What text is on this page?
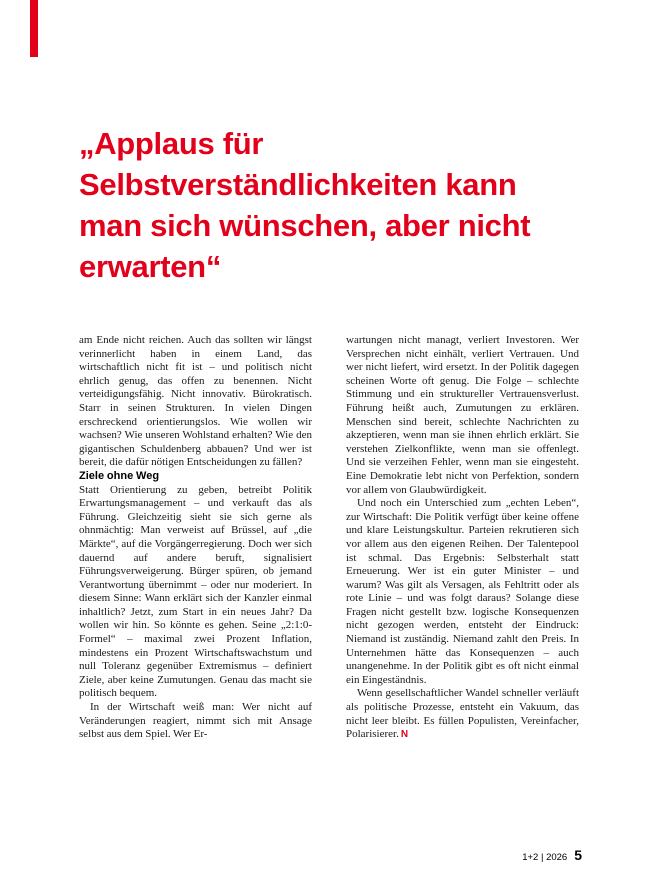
„Applaus für Selbstverständlichkeiten kann man sich wünschen, aber nicht erwarten“

am Ende nicht reichen. Auch das sollten wir längst verinnerlicht haben in einem Land, das wirtschaftlich nicht fit ist – und politisch nicht ehrlich genug, das offen zu benennen. Nicht verteidigungsfähig. Nicht innovativ. Bürokratisch. Starr in seinen Strukturen. In vielen Dingen erschreckend orientierungslos. Wie wollen wir wachsen? Wie unseren Wohlstand erhalten? Wie den gigantischen Schuldenberg abbauen? Und wer ist bereit, die dafür nötigen Entscheidungen zu fällen?

Ziele ohne Weg

Statt Orientierung zu geben, betreibt Politik Erwartungsmanagement – und verkauft das als Führung. Gleichzeitig sieht sie sich gerne als ohnmächtig: Man verweist auf Brüssel, auf „die Märkte“, auf die Vorgängerregierung. Doch wer sich dauernd auf andere beruft, signalisiert Führungsverweigerung. Bürger spüren, ob jemand Verantwortung übernimmt – oder nur moderiert. In diesem Sinne: Wann erklärt sich der Kanzler einmal inhaltlich? Jetzt, zum Start in ein neues Jahr? Da wollen wir hin. So könnte es gehen. Seine „2:1:0-Formel“ – maximal zwei Prozent Inflation, mindestens ein Prozent Wirtschaftswachstum und null Toleranz gegenüber Extremismus – definiert Ziele, aber keine Zumutungen. Genau das macht sie politisch bequem.

In der Wirtschaft weiß man: Wer nicht auf Veränderungen reagiert, nimmt sich mit Ansage selbst aus dem Spiel. Wer Er-

wartungen nicht managt, verliert Investoren. Wer Versprechen nicht einhält, verliert Vertrauen. Und wer nicht liefert, wird ersetzt. In der Politik dagegen scheinen Worte oft genug. Die Folge – schlechte Stimmung und ein struktureller Vertrauensverlust. Führung heißt auch, Zumutungen zu erklären. Menschen sind bereit, schlechte Nachrichten zu akzeptieren, wenn man sie ihnen ehrlich erklärt. Sie verstehen Zielkonflikte, wenn man sie offenlegt. Und sie verzeihen Fehler, wenn man sie eingesteht. Eine Demokratie lebt nicht von Perfektion, sondern vor allem von Glaubwürdigkeit.

Und noch ein Unterschied zum „echten Leben“, zur Wirtschaft: Die Politik verfügt über keine offene und klare Leistungskultur. Parteien rekrutieren sich vor allem aus den eigenen Reihen. Der Talentepool ist schmal. Das Ergebnis: Selbsterhalt statt Erneuerung. Wer ist ein guter Minister – und warum? Was gilt als Versagen, als Fehltritt oder als rote Linie – und was folgt daraus? Solange diese Fragen nicht gestellt bzw. logische Konsequenzen nicht gezogen werden, entsteht der Eindruck: Niemand ist zuständig. Niemand zahlt den Preis. In Unternehmen hätte das Konsequenzen – auch unangenehme. In der Politik gibt es oft nicht einmal ein Eingeständnis.

Wenn gesellschaftlicher Wandel schneller verläuft als politische Prozesse, entsteht ein Vakuum, das nicht leer bleibt. Es füllen Populisten, Vereinfacher, Polarisierer. N

1+2 | 2026 5
